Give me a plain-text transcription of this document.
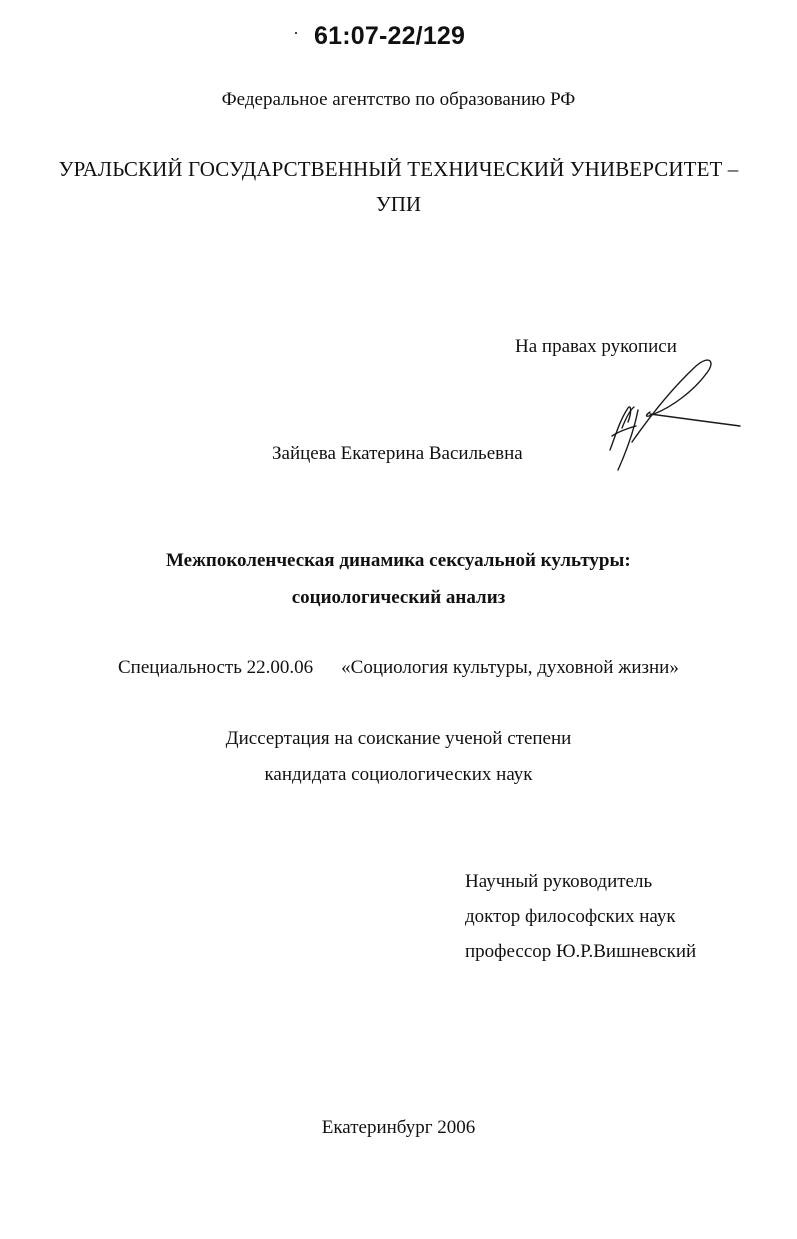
61:07-22/129
Федеральное агентство по образованию РФ
УРАЛЬСКИЙ ГОСУДАРСТВЕННЫЙ ТЕХНИЧЕСКИЙ УНИВЕРСИТЕТ –
УПИ
На правах рукописи
Зайцева Екатерина Васильевна
Межпоколенческая динамика сексуальной культуры:
социологический анализ
Специальность 22.00.06 «Социология культуры, духовной жизни»
Диссертация на соискание ученой степени
кандидата социологических наук
Научный руководитель
доктор философских наук
профессор Ю.Р.Вишневский
Екатеринбург 2006
